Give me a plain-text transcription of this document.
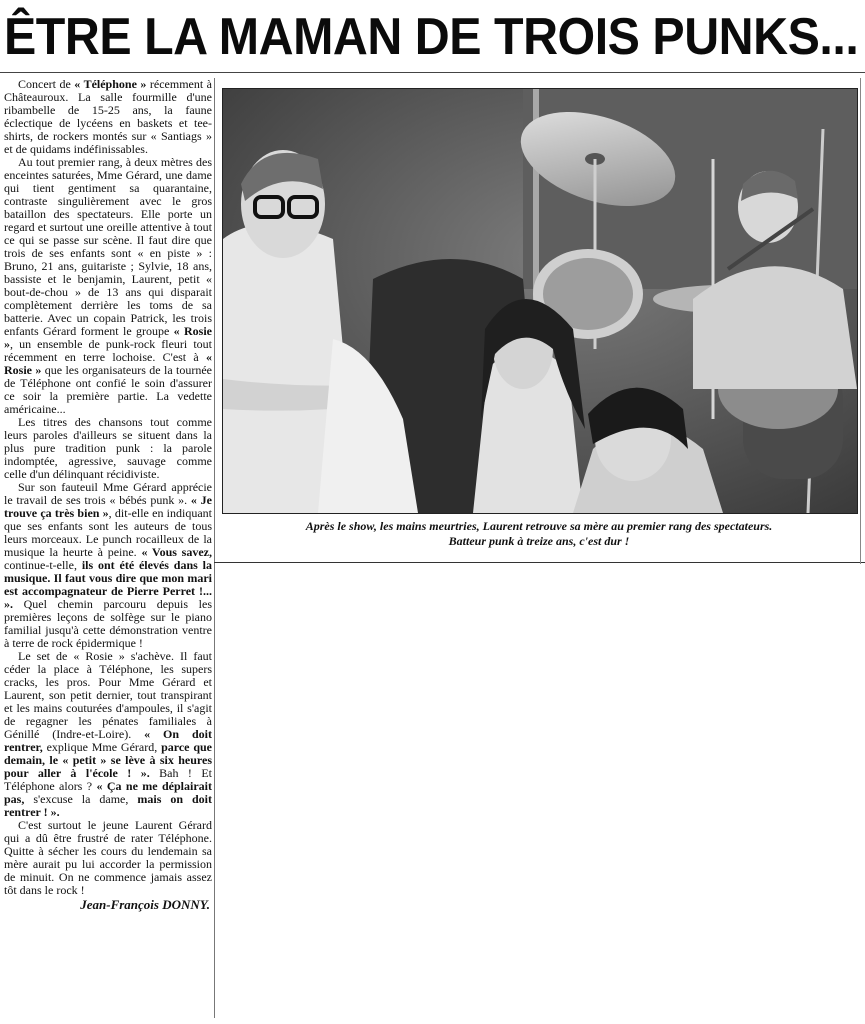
ÊTRE LA MAMAN DE TROIS PUNKS...

Concert de « Téléphone » récemment à Châteauroux. La salle fourmille d'une ribambelle de 15-25 ans, la faune éclectique de lycéens en baskets et tee-shirts, de rockers montés sur « Santiags » et de quidams indéfinissables.

Au tout premier rang, à deux mètres des enceintes saturées, Mme Gérard, une dame qui tient gentiment sa quarantaine, contraste singulièrement avec le gros bataillon des spectateurs. Elle porte un regard et surtout une oreille attentive à tout ce qui se passe sur scène. Il faut dire que trois de ses enfants sont « en piste » : Bruno, 21 ans, guitariste ; Sylvie, 18 ans, bassiste et le benjamin, Laurent, petit « bout-de-chou » de 13 ans qui disparait complètement derrière les toms de sa batterie. Avec un copain Patrick, les trois enfants Gérard forment le groupe « Rosie », un ensemble de punk-rock fleuri tout récemment en terre lochoise. C'est à « Rosie » que les organisateurs de la tournée de Téléphone ont confié le soin d'assurer ce soir la première partie. La vedette américaine...

Les titres des chansons tout comme leurs paroles d'ailleurs se situent dans la plus pure tradition punk : la parole indomptée, agressive, sauvage comme celle d'un délinquant récidiviste.

Sur son fauteuil Mme Gérard apprécie le travail de ses trois « bébés punk ». « Je trouve ça très bien », dit-elle en indiquant que ses enfants sont les auteurs de tous leurs morceaux. Le punch rocailleux de la musique la heurte à peine. « Vous savez, continue-t-elle, ils ont été élevés dans la musique. Il faut vous dire que mon mari est accompagnateur de Pierre Perret !... ». Quel chemin parcouru depuis les premières leçons de solfège sur le piano familial jusqu'à cette démonstration ventre à terre de rock épidermique !

Le set de « Rosie » s'achève. Il faut céder la place à Téléphone, les supers cracks, les pros. Pour Mme Gérard et Laurent, son petit dernier, tout transpirant et les mains couturées d'ampoules, il s'agit de regagner les pénates familiales à Génillé (Indre-et-Loire). « On doit rentrer, explique Mme Gérard, parce que demain, le « petit » se lève à six heures pour aller à l'école ! ». Bah ! Et Téléphone alors ? « Ça ne me déplairait pas, s'excuse la dame, mais on doit rentrer ! ».

C'est surtout le jeune Laurent Gérard qui a dû être frustré de rater Téléphone. Quitte à sécher les cours du lendemain sa mère aurait pu lui accorder la permission de minuit. On ne commence jamais assez tôt dans le rock !

Jean-François DONNY.

Après le show, les mains meurtries, Laurent retrouve sa mère au premier rang des spectateurs.
Batteur punk à treize ans, c'est dur !
